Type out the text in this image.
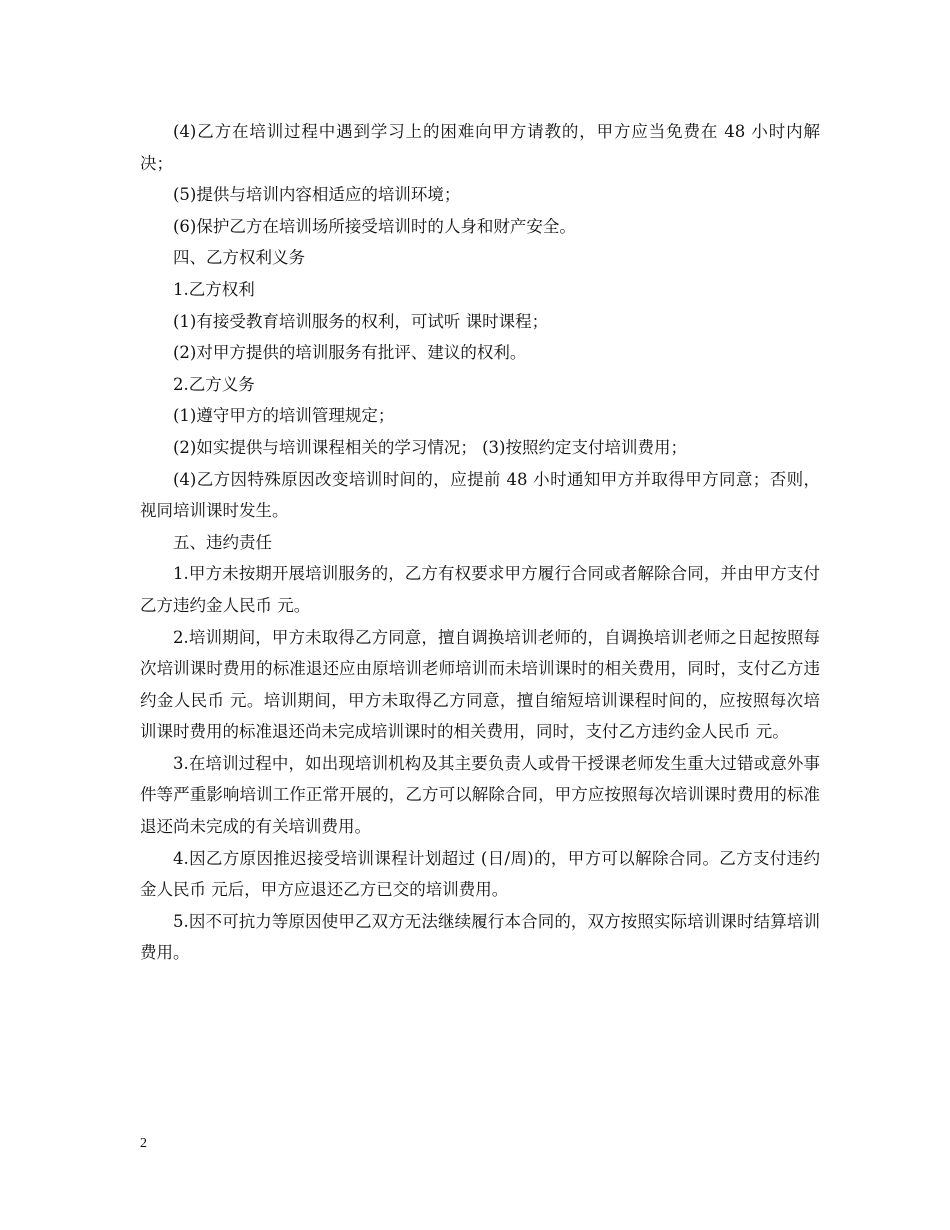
(4)乙方在培训过程中遇到学习上的困难向甲方请教的，甲方应当免费在 48 小时内解决；

(5)提供与培训内容相适应的培训环境；

(6)保护乙方在培训场所接受培训时的人身和财产安全。

四、乙方权利义务

1.乙方权利

(1)有接受教育培训服务的权利，可试听 课时课程；

(2)对甲方提供的培训服务有批评、建议的权利。

2.乙方义务

(1)遵守甲方的培训管理规定；

(2)如实提供与培训课程相关的学习情况； (3)按照约定支付培训费用；

(4)乙方因特殊原因改变培训时间的，应提前 48 小时通知甲方并取得甲方同意；否则，视同培训课时发生。

五、违约责任

1.甲方未按期开展培训服务的，乙方有权要求甲方履行合同或者解除合同，并由甲方支付乙方违约金人民币 元。

2.培训期间，甲方未取得乙方同意，擅自调换培训老师的，自调换培训老师之日起按照每次培训课时费用的标准退还应由原培训老师培训而未培训课时的相关费用，同时，支付乙方违约金人民币 元。培训期间，甲方未取得乙方同意，擅自缩短培训课程时间的，应按照每次培训课时费用的标准退还尚未完成培训课时的相关费用，同时，支付乙方违约金人民币 元。

3.在培训过程中，如出现培训机构及其主要负责人或骨干授课老师发生重大过错或意外事件等严重影响培训工作正常开展的，乙方可以解除合同，甲方应按照每次培训课时费用的标准退还尚未完成的有关培训费用。

4.因乙方原因推迟接受培训课程计划超过 (日/周)的，甲方可以解除合同。乙方支付违约金人民币 元后，甲方应退还乙方已交的培训费用。

5.因不可抗力等原因使甲乙双方无法继续履行本合同的，双方按照实际培训课时结算培训费用。

2
